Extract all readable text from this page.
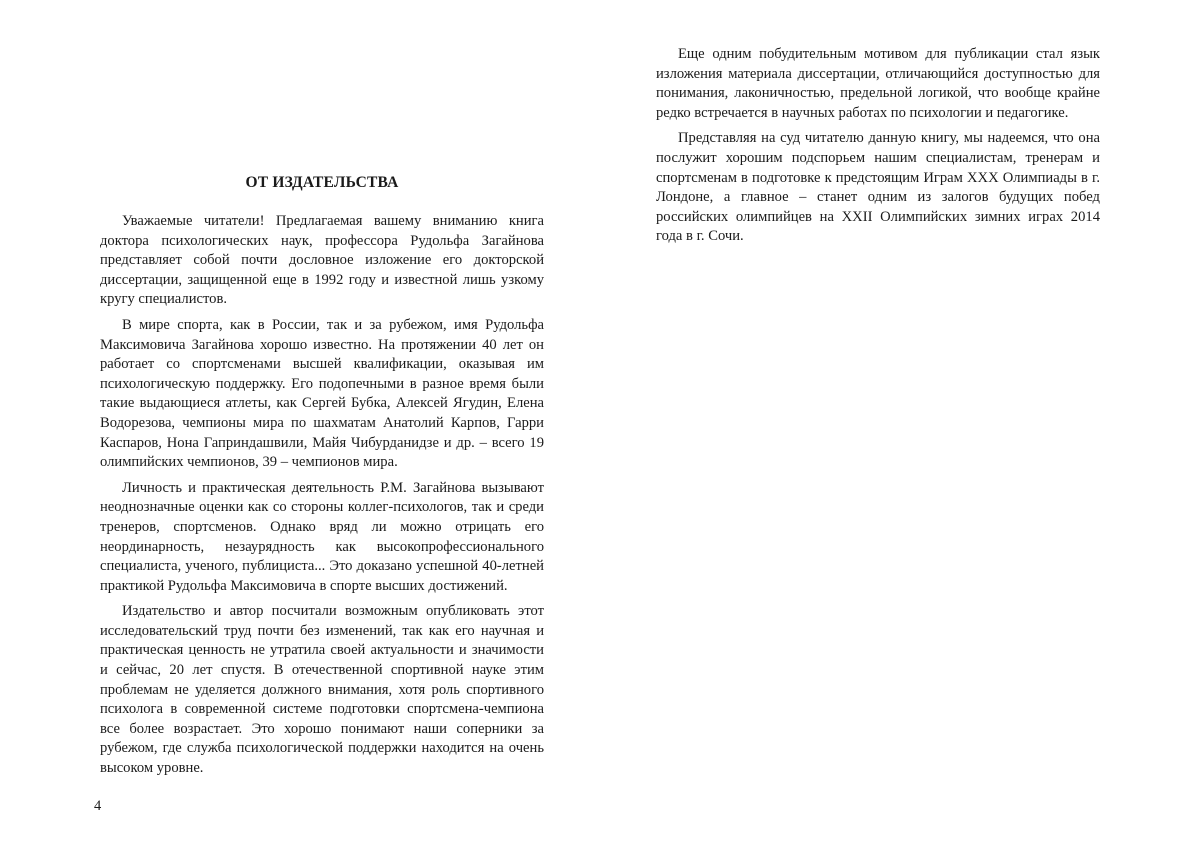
ОТ ИЗДАТЕЛЬСТВА

Уважаемые читатели! Предлагаемая вашему вниманию книга доктора психологических наук, профессора Рудольфа Загайнова представляет собой почти дословное изложение его докторской диссертации, защищенной еще в 1992 году и известной лишь узкому кругу специалистов.

В мире спорта, как в России, так и за рубежом, имя Рудольфа Максимовича Загайнова хорошо известно. На протяжении 40 лет он работает со спортсменами высшей квалификации, оказывая им психологическую поддержку. Его подопечными в разное время были такие выдающиеся атлеты, как Сергей Бубка, Алексей Ягудин, Елена Водорезова, чемпионы мира по шахматам Анатолий Карпов, Гарри Каспаров, Нона Гаприндашвили, Майя Чибурданидзе и др. – всего 19 олимпийских чемпионов, 39 – чемпионов мира.

Личность и практическая деятельность Р.М. Загайнова вызывают неоднозначные оценки как со стороны коллег-психологов, так и среди тренеров, спортсменов. Однако вряд ли можно отрицать его неординарность, незаурядность как высокопрофессионального специалиста, ученого, публициста... Это доказано успешной 40-летней практикой Рудольфа Максимовича в спорте высших достижений.

Издательство и автор посчитали возможным опубликовать этот исследовательский труд почти без изменений, так как его научная и практическая ценность не утратила своей актуальности и значимости и сейчас, 20 лет спустя. В отечественной спортивной науке этим проблемам не уделяется должного внимания, хотя роль спортивного психолога в современной системе подготовки спортсмена-чемпиона все более возрастает. Это хорошо понимают наши соперники за рубежом, где служба психологической поддержки находится на очень высоком уровне.

4

Еще одним побудительным мотивом для публикации стал язык изложения материала диссертации, отличающийся доступностью для понимания, лаконичностью, предельной логикой, что вообще крайне редко встречается в научных работах по психологии и педагогике.

Представляя на суд читателю данную книгу, мы надеемся, что она послужит хорошим подспорьем нашим специалистам, тренерам и спортсменам в подготовке к предстоящим Играм XXX Олимпиады в г. Лондоне, а главное – станет одним из залогов будущих побед российских олимпийцев на XXII Олимпийских зимних играх 2014 года в г. Сочи.
